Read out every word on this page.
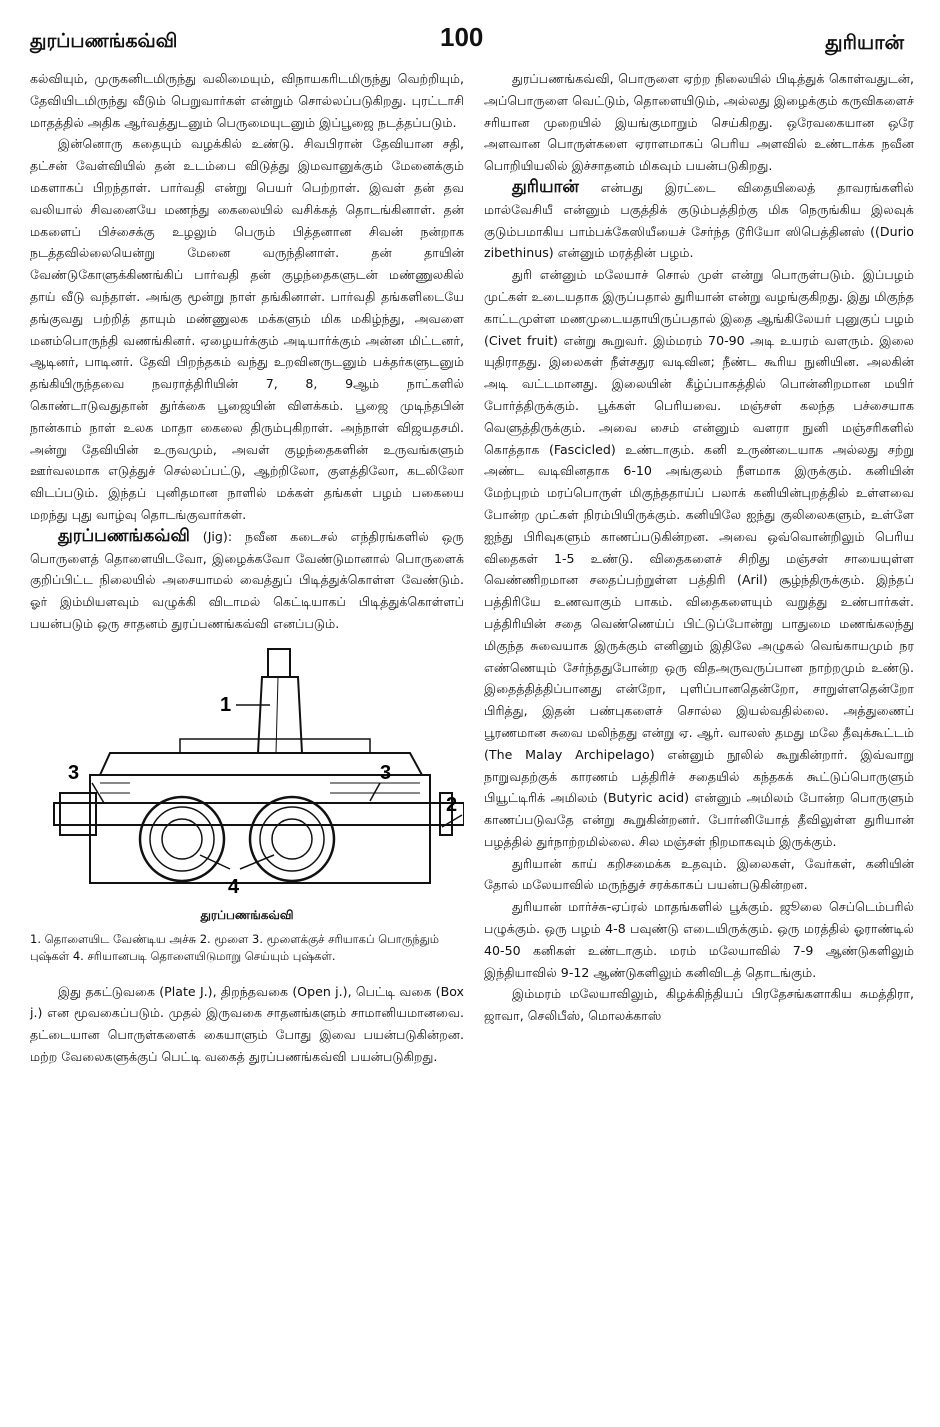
துரப்பணங்கவ்வி	100	துரியான்

கல்வியும், முருகனிடமிருந்து வலிமையும், விநாயகரிடமிருந்து வெற்றியும், தேவியிடமிருந்து வீடும் பெறுவார்கள் என்றும் சொல்லப்படுகிறது. புரட்டாசி மாதத்தில் அதிக ஆர்வத்துடனும் பெருமையுடனும் இப்பூஜை நடத்தப்படும்.

இன்னொரு கதையும் வழக்கில் உண்டு. சிவபிரான் தேவியான சதி, தட்சன் வேள்வியில் தன் உடம்பை விடுத்து இமவானுக்கும் மேனைக்கும் மகளாகப் பிறந்தாள். பார்வதி என்று பெயர் பெற்றாள். இவள் தன் தவ வலியால் சிவனையே மணந்து கைலையில் வசிக்கத் தொடங்கினாள். தன் மகளைப் பிச்சைக்கு உழலும் பெரும் பித்தனான சிவன் நன்றாக நடத்தவில்லையென்று மேனை வருந்தினாள். தன் தாயின் வேண்டுகோளுக்கிணங்கிப் பார்வதி தன் குழந்தைகளுடன் மண்ணுலகில் தாய் வீடு வந்தாள். அங்கு மூன்று நாள் தங்கினாள். பார்வதி தங்களிடையே தங்குவது பற்றித் தாயும் மண்ணுலக மக்களும் மிக மகிழ்ந்து, அவளை மனம்பொருந்தி வணங்கினர். ஏழையர்க்கும் அடியார்க்கும் அன்ன மிட்டனர், ஆடினர், பாடினர். தேவி பிறந்தகம் வந்து உறவினருடனும் பக்தர்களுடனும் தங்கியிருந்தவை நவராத்திரியின் 7, 8, 9ஆம் நாட்களில் கொண்டாடுவதுதான் துர்க்கை பூஜையின் விளக்கம். பூஜை முடிந்தபின் நான்காம் நாள் உலக மாதா கைலை திரும்புகிறாள். அந்நாள் விஜயதசமி. அன்று தேவியின் உருவமும், அவள் குழந்தைகளின் உருவங்களும் ஊர்வலமாக எடுத்துச் செல்லப்பட்டு, ஆற்றிலோ, குளத்திலோ, கடலிலோ விடப்படும். இந்தப் புனிதமான நாளில் மக்கள் தங்கள் பழம் பகையை மறந்து புது வாழ்வு தொடங்குவார்கள்.

துரப்பணங்கவ்வி (Jig): நவீன கடைசல் எந்திரங்களில் ஒரு பொருளைத் தொளையிடவோ, இழைக்கவோ வேண்டுமானால் பொருளைக் குறிப்பிட்ட நிலையில் அசையாமல் வைத்துப் பிடித்துக்கொள்ள வேண்டும். ஓர் இம்மியளவும் வழுக்கி விடாமல் கெட்டியாகப் பிடித்துக்கொள்ளப் பயன்படும் ஒரு சாதனம் துரப்பணங்கவ்வி எனப்படும்.

1
2
3	3
4
துரப்பணங்கவ்வி
1. தொளையிட வேண்டிய அச்சு 2. மூளை 3. மூளைக்குச் சரியாகப் பொருந்தும் புஷ்கள் 4. சரியானபடி தொளையிடுமாறு செய்யும் புஷ்கள்.

இது தகட்டுவகை (Plate J.), திறந்தவகை (Open j.), பெட்டி வகை (Box j.) என மூவகைப்படும். முதல் இருவகை சாதனங்களும் சாமானியமானவை. தட்டையான பொருள்களைக் கையாளும் போது இவை பயன்படுகின்றன. மற்ற வேலைகளுக்குப் பெட்டி வகைத் துரப்பணங்கவ்வி பயன்படுகிறது.

துரப்பணங்கவ்வி, பொருளை ஏற்ற நிலையில் பிடித்துக் கொள்வதுடன், அப்பொருளை வெட்டும், தொளையிடும், அல்லது இழைக்கும் கருவிகளைச் சரியான முறையில் இயங்குமாறும் செய்கிறது. ஒரேவகையான ஒரே அளவான பொருள்களை ஏராளமாகப் பெரிய அளவில் உண்டாக்க நவீன பொறியியலில் இச்சாதனம் மிகவும் பயன்படுகிறது.

துரியான் என்பது இரட்டை விதையிலைத் தாவரங்களில் மால்வேசியீ என்னும் பகுத்திக் குடும்பத்திற்கு மிக நெருங்கிய இலவுக் குடும்பமாகிய பாம்பக்கேஸியீயைச் சேர்ந்த டூரியோ ஸிபெத்தினஸ் ((Durio zibethinus) என்னும் மரத்தின் பழம்.

துரி என்னும் மலேயாச் சொல் முள் என்று பொருள்படும். இப்பழம் முட்கள் உடையதாக இருப்பதால் துரியான் என்று வழங்குகிறது. இது மிகுந்த காட்டமுள்ள மணமுடையதாயிருப்பதால் இதை ஆங்கிலேயர் புனுகுப் பழம் (Civet fruit) என்று கூறுவர். இம்மரம் 70-90 அடி உயரம் வளரும். இலை யுதிராதது. இலைகள் நீள்சதுர வடிவின; நீண்ட கூரிய நுனியின. அலகின் அடி வட்டமானது. இலையின் கீழ்ப்பாகத்தில் பொன்னிறமான மயிர் போர்த்திருக்கும். பூக்கள் பெரியவை. மஞ்சள் கலந்த பச்சையாக வெளுத்திருக்கும். அவை சைம் என்னும் வளரா நுனி மஞ்சரிகளில் கொத்தாக (Fascicled) உண்டாகும். கனி உருண்டையாக அல்லது சற்று அண்ட வடிவினதாக 6-10 அங்குலம் நீளமாக இருக்கும். கனியின் மேற்புறம் மரப்பொருள் மிகுந்ததாய்ப் பலாக் கனியின்புறத்தில் உள்ளவை போன்ற முட்கள் நிரம்பியிருக்கும். கனியிலே ஐந்து குலிலைகளும், உள்ளே ஐந்து பிரிவுகளும் காணப்படுகின்றன. அவை ஒவ்வொன்றிலும் பெரிய விதைகள் 1-5 உண்டு. விதைகளைச் சிறிது மஞ்சள் சாயையுள்ள வெண்ணிறமான சதைப்பற்றுள்ள பத்திரி (Aril) சூழ்ந்திருக்கும். இந்தப் பத்திரியே உணவாகும் பாகம். விதைகளையும் வறுத்து உண்பார்கள். பத்திரியின் சதை வெண்ணெய்ப் பிட்டுப்போன்று பாதுமை மணங்கலந்து மிகுந்த சுவையாக இருக்கும் எனினும் இதிலே அழுகல் வெங்காயமும் நர எண்ணெயும் சேர்ந்ததுபோன்ற ஒரு விதஅருவருப்பான நாற்றமும் உண்டு. இதைத்தித்திப்பானது என்றோ, புளிப்பானதென்றோ, சாறுள்ளதென்றோ பிரித்து, இதன் பண்புகளைச் சொல்ல இயல்வதில்லை. அத்துணைப் பூரணமான சுவை மலிந்தது என்று ஏ. ஆர். வாலஸ் தமது மலே தீவுக்கூட்டம் (The Malay Archipelago) என்னும் நூலில் கூறுகின்றார். இவ்வாறு நாறுவதற்குக் காரணம் பத்திரிச் சதையில் கந்தகக் கூட்டுப்பொருளும் பியூட்டிரிக் அமிலம் (Butyric acid) என்னும் அமிலம் போன்ற பொருளும் காணப்படுவதே என்று கூறுகின்றனர். போர்னியோத் தீவிலுள்ள துரியான் பழத்தில் துர்நாற்றமில்லை. சில மஞ்சள் நிறமாகவும் இருக்கும்.

துரியான் காய் கறிசமைக்க உதவும். இலைகள், வேர்கள், கனியின் தோல் மலேயாவில் மருந்துச் சரக்காகப் பயன்படுகின்றன.

துரியான் மார்ச்சு-ஏப்ரல் மாதங்களில் பூக்கும். ஜூலை செப்டெம்பரில் பழுக்கும். ஒரு பழம் 4-8 பவுண்டு எடையிருக்கும். ஒரு மரத்தில் ஓராண்டில் 40-50 கனிகள் உண்டாகும். மரம் மலேயாவில் 7-9 ஆண்டுகளிலும் இந்தியாவில் 9-12 ஆண்டுகளிலும் கனிவிடத் தொடங்கும்.

இம்மரம் மலேயாவிலும், கிழக்கிந்தியப் பிரதேசங்களாகிய சுமத்திரா, ஜாவா, செலிபீஸ், மொலக்காஸ்
